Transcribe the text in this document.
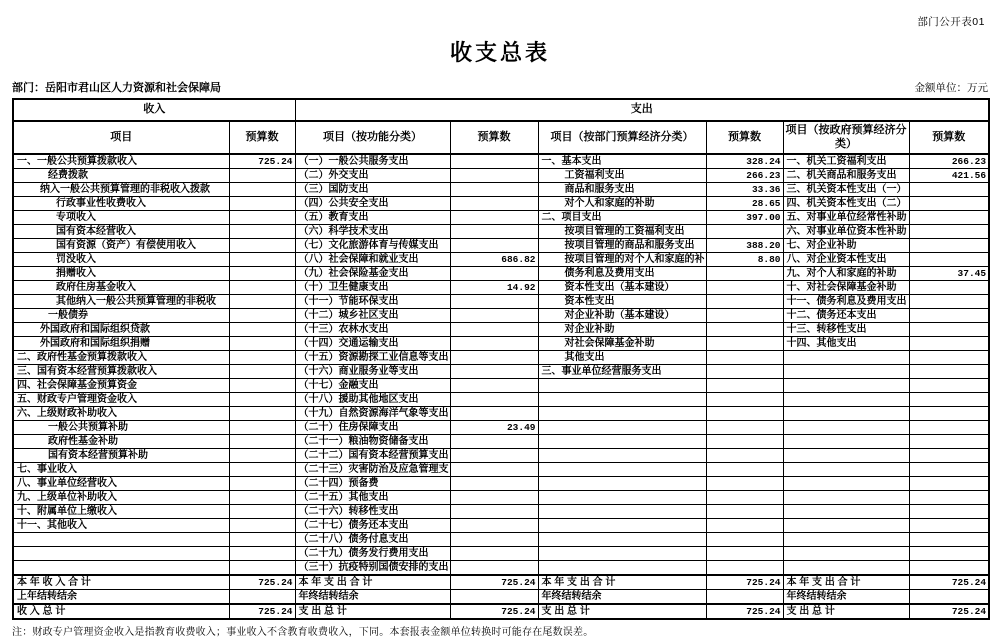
部门公开表01
收支总表
部门：岳阳市君山区人力资源和社会保障局	金额单位：万元
收入		支出					
项目	预算数	项目（按功能分类）	预算数	项目（按部门预算经济分类）	预算数	项目（按政府预算经济分类）	预算数
一、一般公共预算拨款收入	725.24	（一）一般公共服务支出		一、基本支出	328.24	一、机关工资福利支出	266.23
经费拨款		（二）外交支出		工资福利支出	266.23	二、机关商品和服务支出	421.56
纳入一般公共预算管理的非税收入拨款		（三）国防支出		商品和服务支出	33.36	三、机关资本性支出（一）	
行政事业性收费收入		（四）公共安全支出		对个人和家庭的补助	28.65	四、机关资本性支出（二）	
专项收入		（五）教育支出		二、项目支出	397.00	五、对事业单位经常性补助	
国有资本经营收入		（六）科学技术支出		按项目管理的工资福利支出		六、对事业单位资本性补助	
国有资源（资产）有偿使用收入		（七）文化旅游体育与传媒支出		按项目管理的商品和服务支出	388.20	七、对企业补助	
罚没收入		（八）社会保障和就业支出	686.82	按项目管理的对个人和家庭的补	8.80	八、对企业资本性支出	
捐赠收入		（九）社会保险基金支出		债务利息及费用支出		九、对个人和家庭的补助	37.45
政府住房基金收入		（十）卫生健康支出	14.92	资本性支出（基本建设）		十、对社会保障基金补助	
其他纳入一般公共预算管理的非税收		（十一）节能环保支出		资本性支出		十一、债务利息及费用支出	
一般债券		（十二）城乡社区支出		对企业补助（基本建设）		十二、债务还本支出	
外国政府和国际组织贷款		（十三）农林水支出		对企业补助		十三、转移性支出	
外国政府和国际组织捐赠		（十四）交通运输支出		对社会保障基金补助		十四、其他支出	
二、政府性基金预算拨款收入		（十五）资源勘探工业信息等支出		其他支出			
三、国有资本经营预算拨款收入		（十六）商业服务业等支出		三、事业单位经营服务支出			
四、社会保障基金预算资金		（十七）金融支出					
五、财政专户管理资金收入		（十八）援助其他地区支出					
六、上级财政补助收入		（十九）自然资源海洋气象等支出					
一般公共预算补助		（二十）住房保障支出	23.49				
政府性基金补助		（二十一）粮油物资储备支出					
国有资本经营预算补助		（二十二）国有资本经营预算支出					
七、事业收入		（二十三）灾害防治及应急管理支					
八、事业单位经营收入		（二十四）预备费					
九、上级单位补助收入		（二十五）其他支出					
十、附属单位上缴收入		（二十六）转移性支出					
十一、其他收入		（二十七）债务还本支出					
		（二十八）债务付息支出					
		（二十九）债务发行费用支出					
		（三十）抗疫特别国债安排的支出					
本 年 收 入 合 计	725.24	本 年 支 出 合 计	725.24	本 年 支 出 合 计	725.24	本 年 支 出 合 计	725.24
上年结转结余		年终结转结余		年终结转结余		年终结转结余	
收 入 总 计	725.24	支 出 总 计	725.24	支 出 总 计	725.24	支 出 总 计	725.24
注：财政专户管理资金收入是指教育收费收入；事业收入不含教育收费收入，下同。本套报表金额单位转换时可能存在尾数误差。
